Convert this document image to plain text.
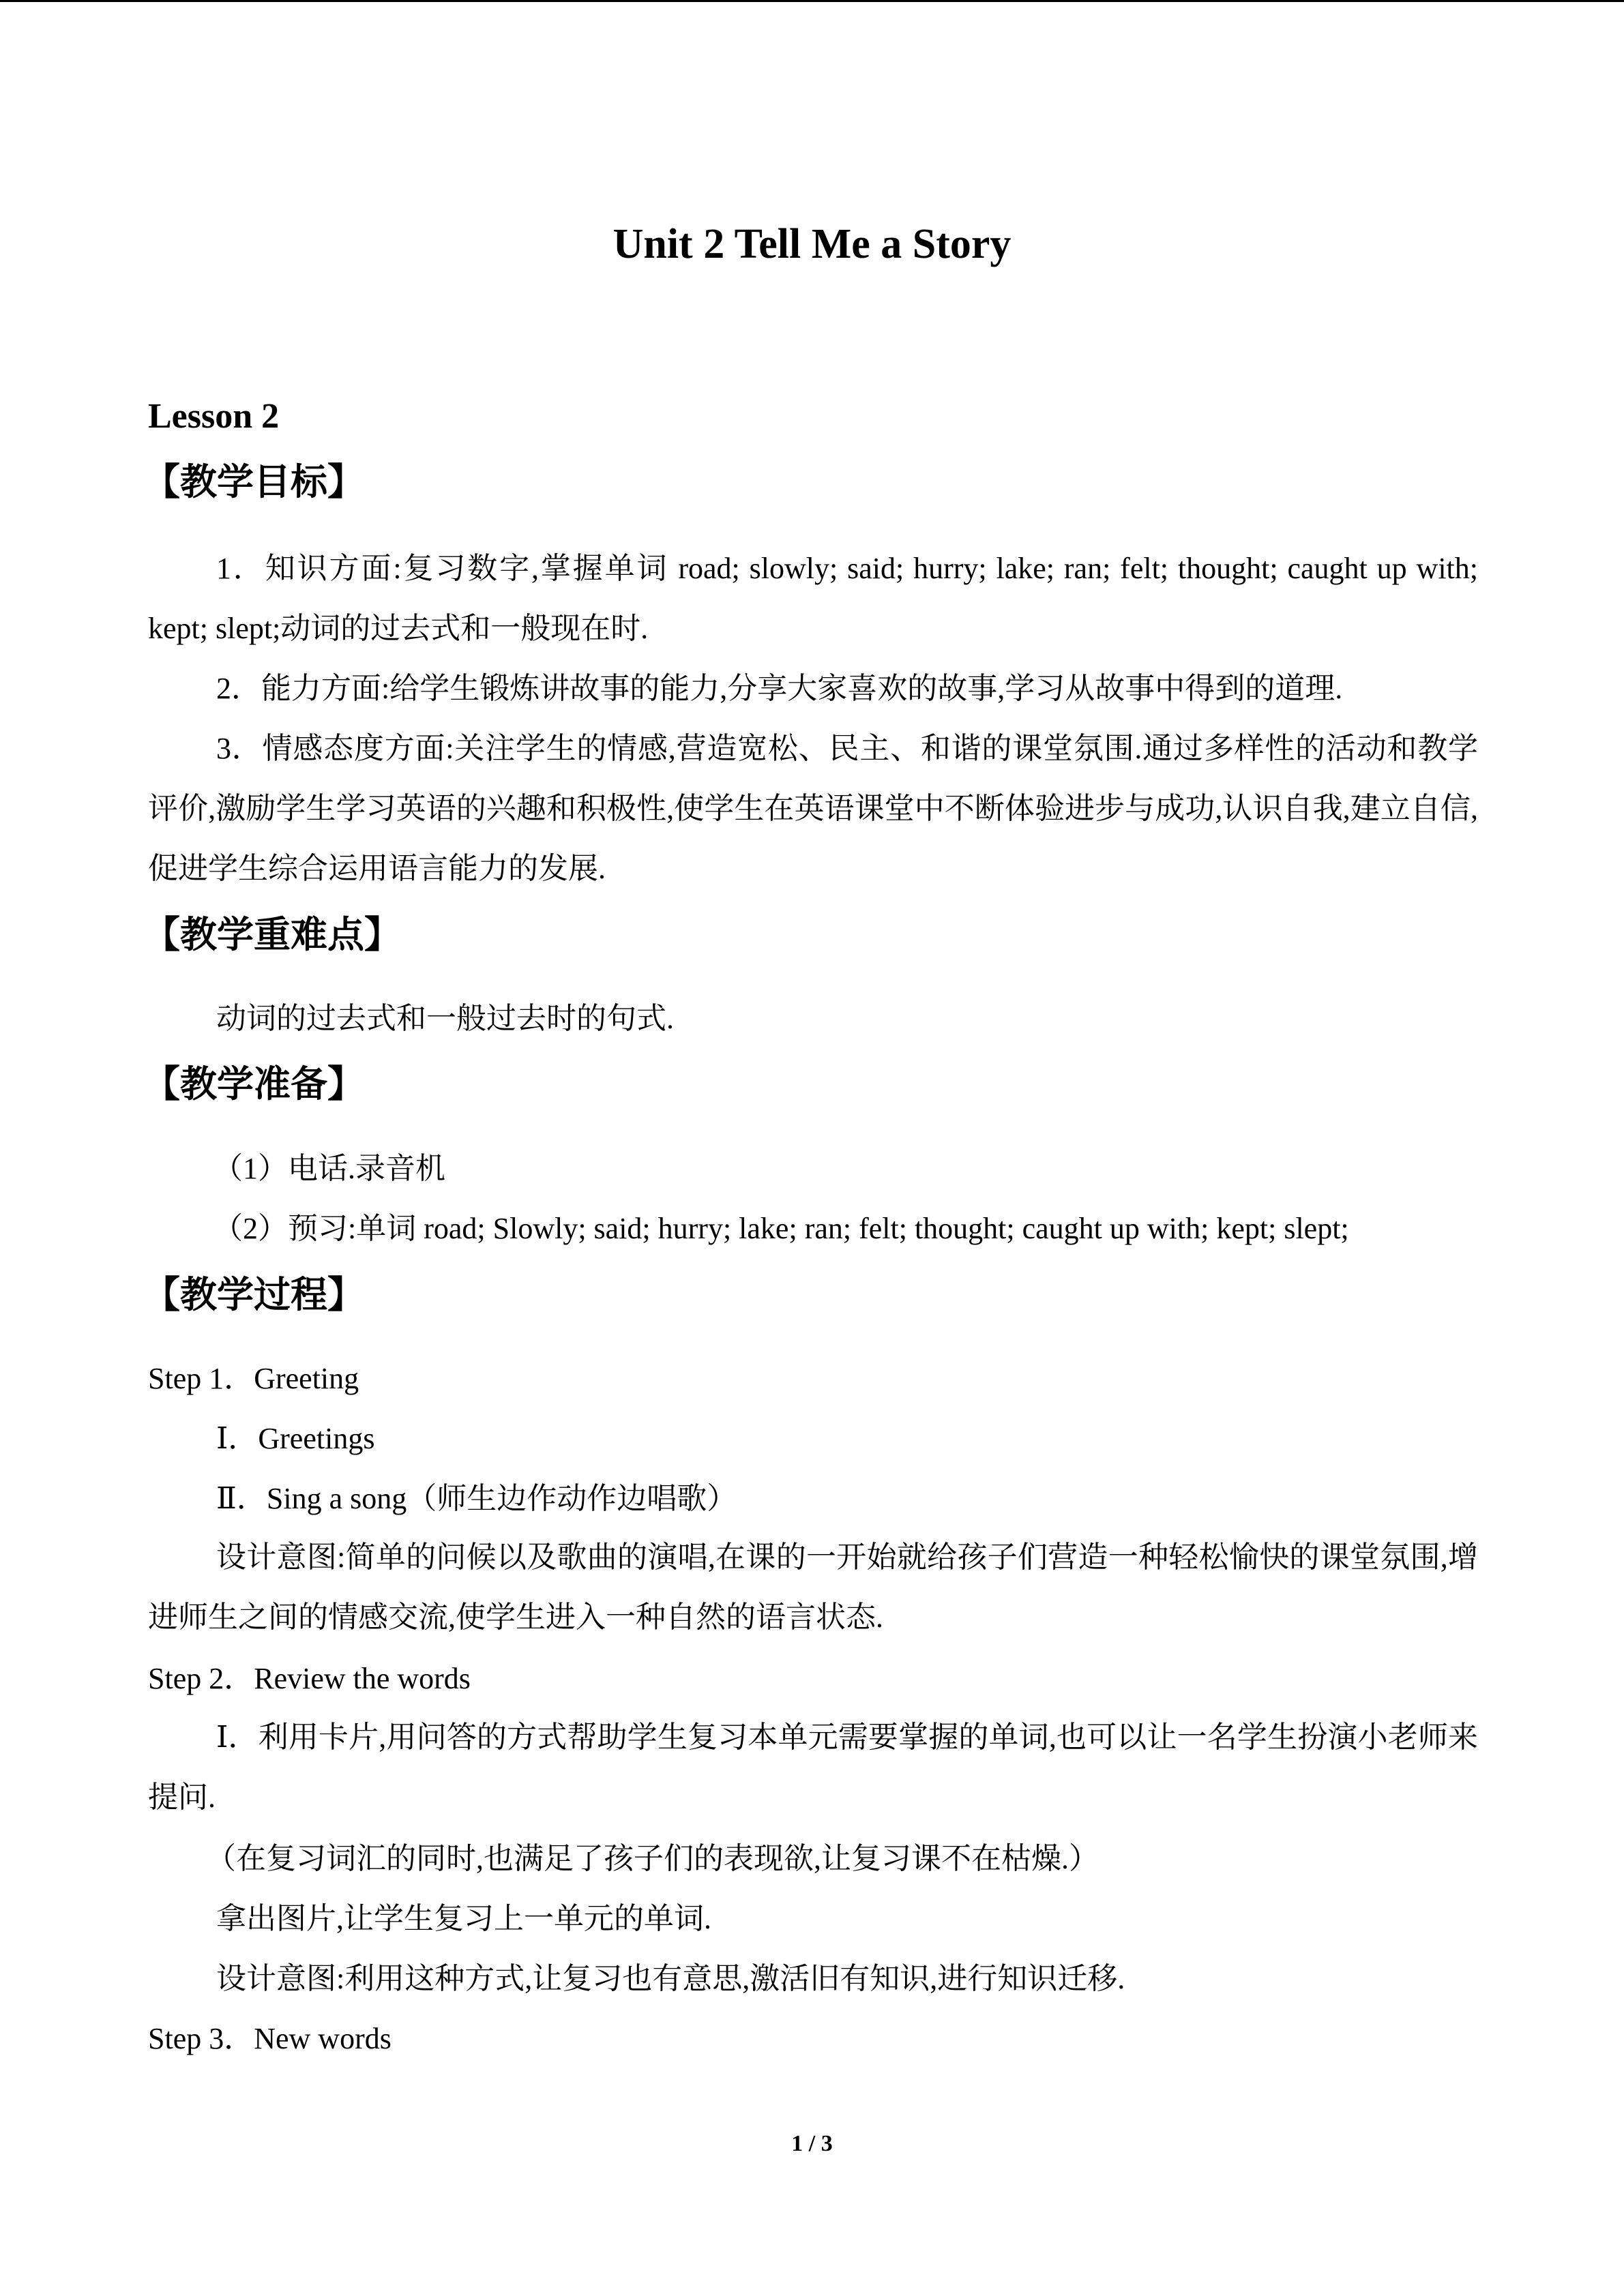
Unit 2 Tell Me a Story
Lesson 2
【教学目标】
1．知识方面:复习数字,掌握单词 road; slowly; said; hurry; lake; ran; felt; thought; caught up with; kept; slept;动词的过去式和一般现在时.
2．能力方面:给学生锻炼讲故事的能力,分享大家喜欢的故事,学习从故事中得到的道理.
3．情感态度方面:关注学生的情感,营造宽松、民主、和谐的课堂氛围.通过多样性的活动和教学评价,激励学生学习英语的兴趣和积极性,使学生在英语课堂中不断体验进步与成功,认识自我,建立自信,促进学生综合运用语言能力的发展.
【教学重难点】
动词的过去式和一般过去时的句式.
【教学准备】
（1）电话.录音机
（2）预习:单词 road; Slowly; said; hurry; lake; ran; felt; thought; caught up with; kept; slept;
【教学过程】
Step 1．Greeting
Ⅰ．Greetings
Ⅱ．Sing a song（师生边作动作边唱歌）
设计意图:简单的问候以及歌曲的演唱,在课的一开始就给孩子们营造一种轻松愉快的课堂氛围,增进师生之间的情感交流,使学生进入一种自然的语言状态.
Step 2．Review the words
Ⅰ．利用卡片,用问答的方式帮助学生复习本单元需要掌握的单词,也可以让一名学生扮演小老师来提问.
（在复习词汇的同时,也满足了孩子们的表现欲,让复习课不在枯燥.）
拿出图片,让学生复习上一单元的单词.
设计意图:利用这种方式,让复习也有意思,激活旧有知识,进行知识迁移.
Step 3．New words
1 / 3
